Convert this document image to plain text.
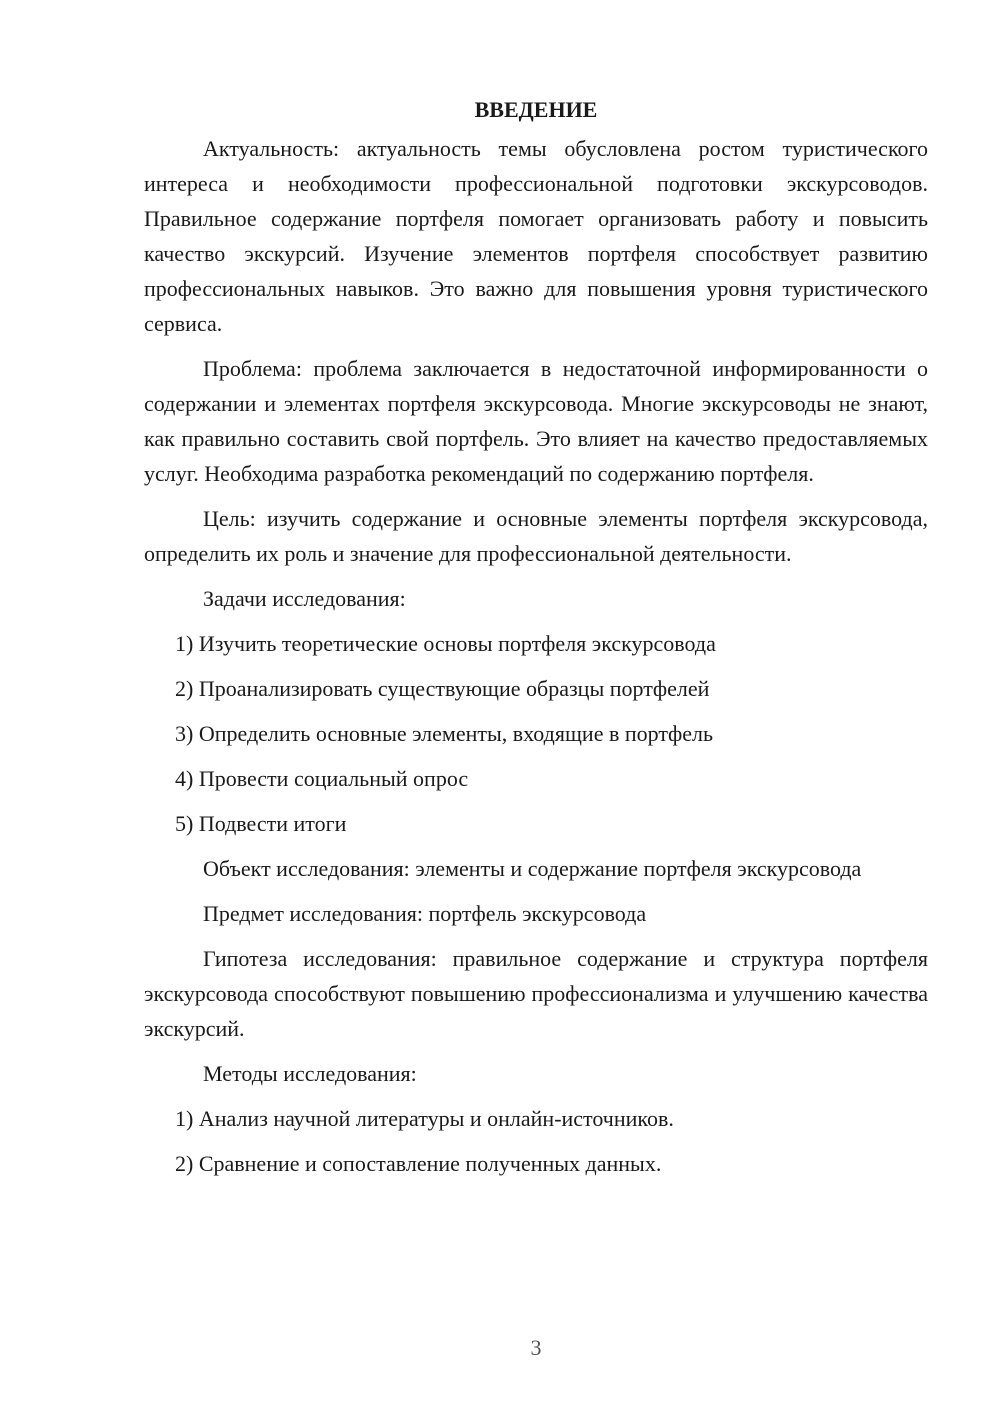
ВВЕДЕНИЕ

Актуальность: актуальность темы обусловлена ростом туристического интереса и необходимости профессиональной подготовки экскурсоводов. Правильное содержание портфеля помогает организовать работу и повысить качество экскурсий. Изучение элементов портфеля способствует развитию профессиональных навыков. Это важно для повышения уровня туристического сервиса.

Проблема: проблема заключается в недостаточной информированности о содержании и элементах портфеля экскурсовода. Многие экскурсоводы не знают, как правильно составить свой портфель. Это влияет на качество предоставляемых услуг. Необходима разработка рекомендаций по содержанию портфеля.

Цель: изучить содержание и основные элементы портфеля экскурсовода, определить их роль и значение для профессиональной деятельности.

Задачи исследования:

1) Изучить теоретические основы портфеля экскурсовода
2) Проанализировать существующие образцы портфелей
3) Определить основные элементы, входящие в портфель
4) Провести социальный опрос
5) Подвести итоги

Объект исследования: элементы и содержание портфеля экскурсовода

Предмет исследования: портфель экскурсовода

Гипотеза исследования: правильное содержание и структура портфеля экскурсовода способствуют повышению профессионализма и улучшению качества экскурсий.

Методы исследования:

1) Анализ научной литературы и онлайн-источников.
2) Сравнение и сопоставление полученных данных.
3
